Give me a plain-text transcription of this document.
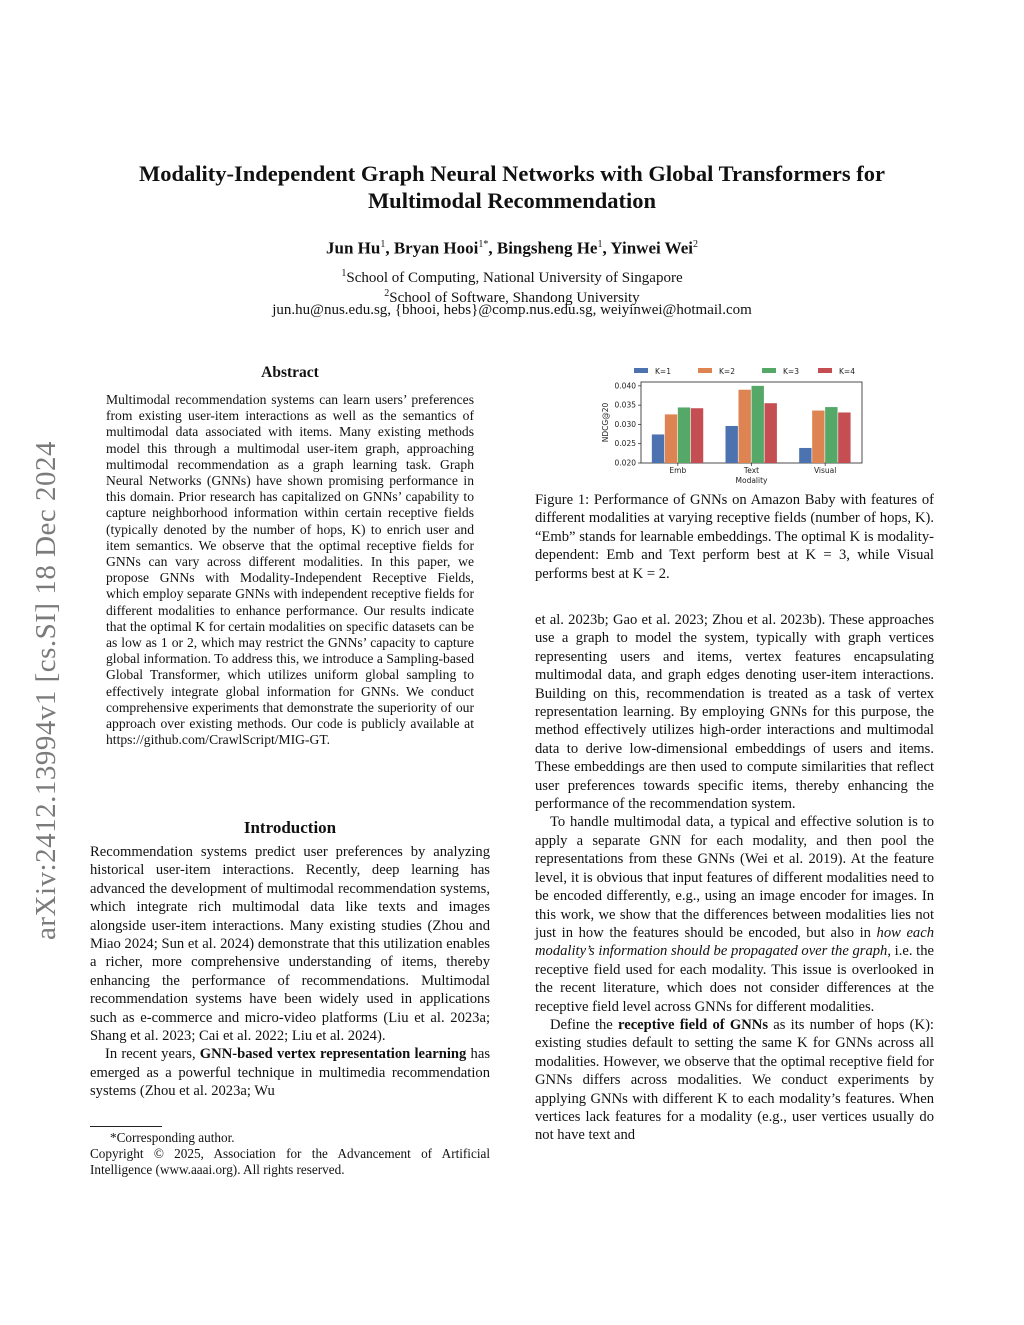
arXiv:2412.13994v1 [cs.SI] 18 Dec 2024
Modality-Independent Graph Neural Networks with Global Transformers for
Multimodal Recommendation
Jun Hu$^1$, Bryan Hooi$^{1*}$, Bingsheng He$^1$, Yinwei Wei$^2$
$^1$School of Computing, National University of Singapore
$^2$School of Software, Shandong University
jun.hu@nus.edu.sg, {bhooi, hebs}@comp.nus.edu.sg, weiyinwei@hotmail.com
Abstract
Multimodal recommendation systems can learn users’ preferences from existing user-item interactions as well as the semantics of multimodal data associated with items. Many existing methods model this through a multimodal user-item graph, approaching multimodal recommendation as a graph learning task. Graph Neural Networks (GNNs) have shown promising performance in this domain. Prior research has capitalized on GNNs’ capability to capture neighborhood information within certain receptive fields (typically denoted by the number of hops, K) to enrich user and item semantics. We observe that the optimal receptive fields for GNNs can vary across different modalities. In this paper, we propose GNNs with Modality-Independent Receptive Fields, which employ separate GNNs with independent receptive fields for different modalities to enhance performance. Our results indicate that the optimal K for certain modalities on specific datasets can be as low as 1 or 2, which may restrict the GNNs’ capacity to capture global information. To address this, we introduce a Sampling-based Global Transformer, which utilizes uniform global sampling to effectively integrate global information for GNNs. We conduct comprehensive experiments that demonstrate the superiority of our approach over existing methods. Our code is publicly available at https://github.com/CrawlScript/MIG-GT.
Introduction

Recommendation systems predict user preferences by analyzing historical user-item interactions. Recently, deep learning has advanced the development of multimodal recommendation systems, which integrate rich multimodal data like texts and images alongside user-item interactions. Many existing studies (Zhou and Miao 2024; Sun et al. 2024) demonstrate that this utilization enables a richer, more comprehensive understanding of items, thereby enhancing the performance of recommendations. Multimodal recommendation systems have been widely used in applications such as e-commerce and micro-video platforms (Liu et al. 2023a; Shang et al. 2023; Cai et al. 2022; Liu et al. 2024).

In recent years, GNN-based vertex representation learning has emerged as a powerful technique in multimedia recommendation systems (Zhou et al. 2023a; Wu

*Corresponding author.
Copyright © 2025, Association for the Advancement of Artificial Intelligence (www.aaai.org). All rights reserved.
K=1	K=2	K=3	K=4
0.020
0.025
0.030
0.035
0.040
Emb	Text	Visual
Modality
NDCG@20
Figure 1: Performance of GNNs on Amazon Baby with features of different modalities at varying receptive fields (number of hops, K). “Emb” stands for learnable embeddings. The optimal K is modality-dependent: Emb and Text perform best at K = 3, while Visual performs best at K = 2.

et al. 2023b; Gao et al. 2023; Zhou et al. 2023b). These approaches use a graph to model the system, typically with graph vertices representing users and items, vertex features encapsulating multimodal data, and graph edges denoting user-item interactions. Building on this, recommendation is treated as a task of vertex representation learning. By employing GNNs for this purpose, the method effectively utilizes high-order interactions and multimodal data to derive low-dimensional embeddings of users and items. These embeddings are then used to compute similarities that reflect user preferences towards specific items, thereby enhancing the performance of the recommendation system.

To handle multimodal data, a typical and effective solution is to apply a separate GNN for each modality, and then pool the representations from these GNNs (Wei et al. 2019). At the feature level, it is obvious that input features of different modalities need to be encoded differently, e.g., using an image encoder for images. In this work, we show that the differences between modalities lies not just in how the features should be encoded, but also in how each modality’s information should be propagated over the graph, i.e. the receptive field used for each modality. This issue is overlooked in the recent literature, which does not consider differences at the receptive field level across GNNs for different modalities.

Define the receptive field of GNNs as its number of hops (K): existing studies default to setting the same K for GNNs across all modalities. However, we observe that the optimal receptive field for GNNs differs across modalities. We conduct experiments by applying GNNs with different K to each modality’s features. When vertices lack features for a modality (e.g., user vertices usually do not have text and
